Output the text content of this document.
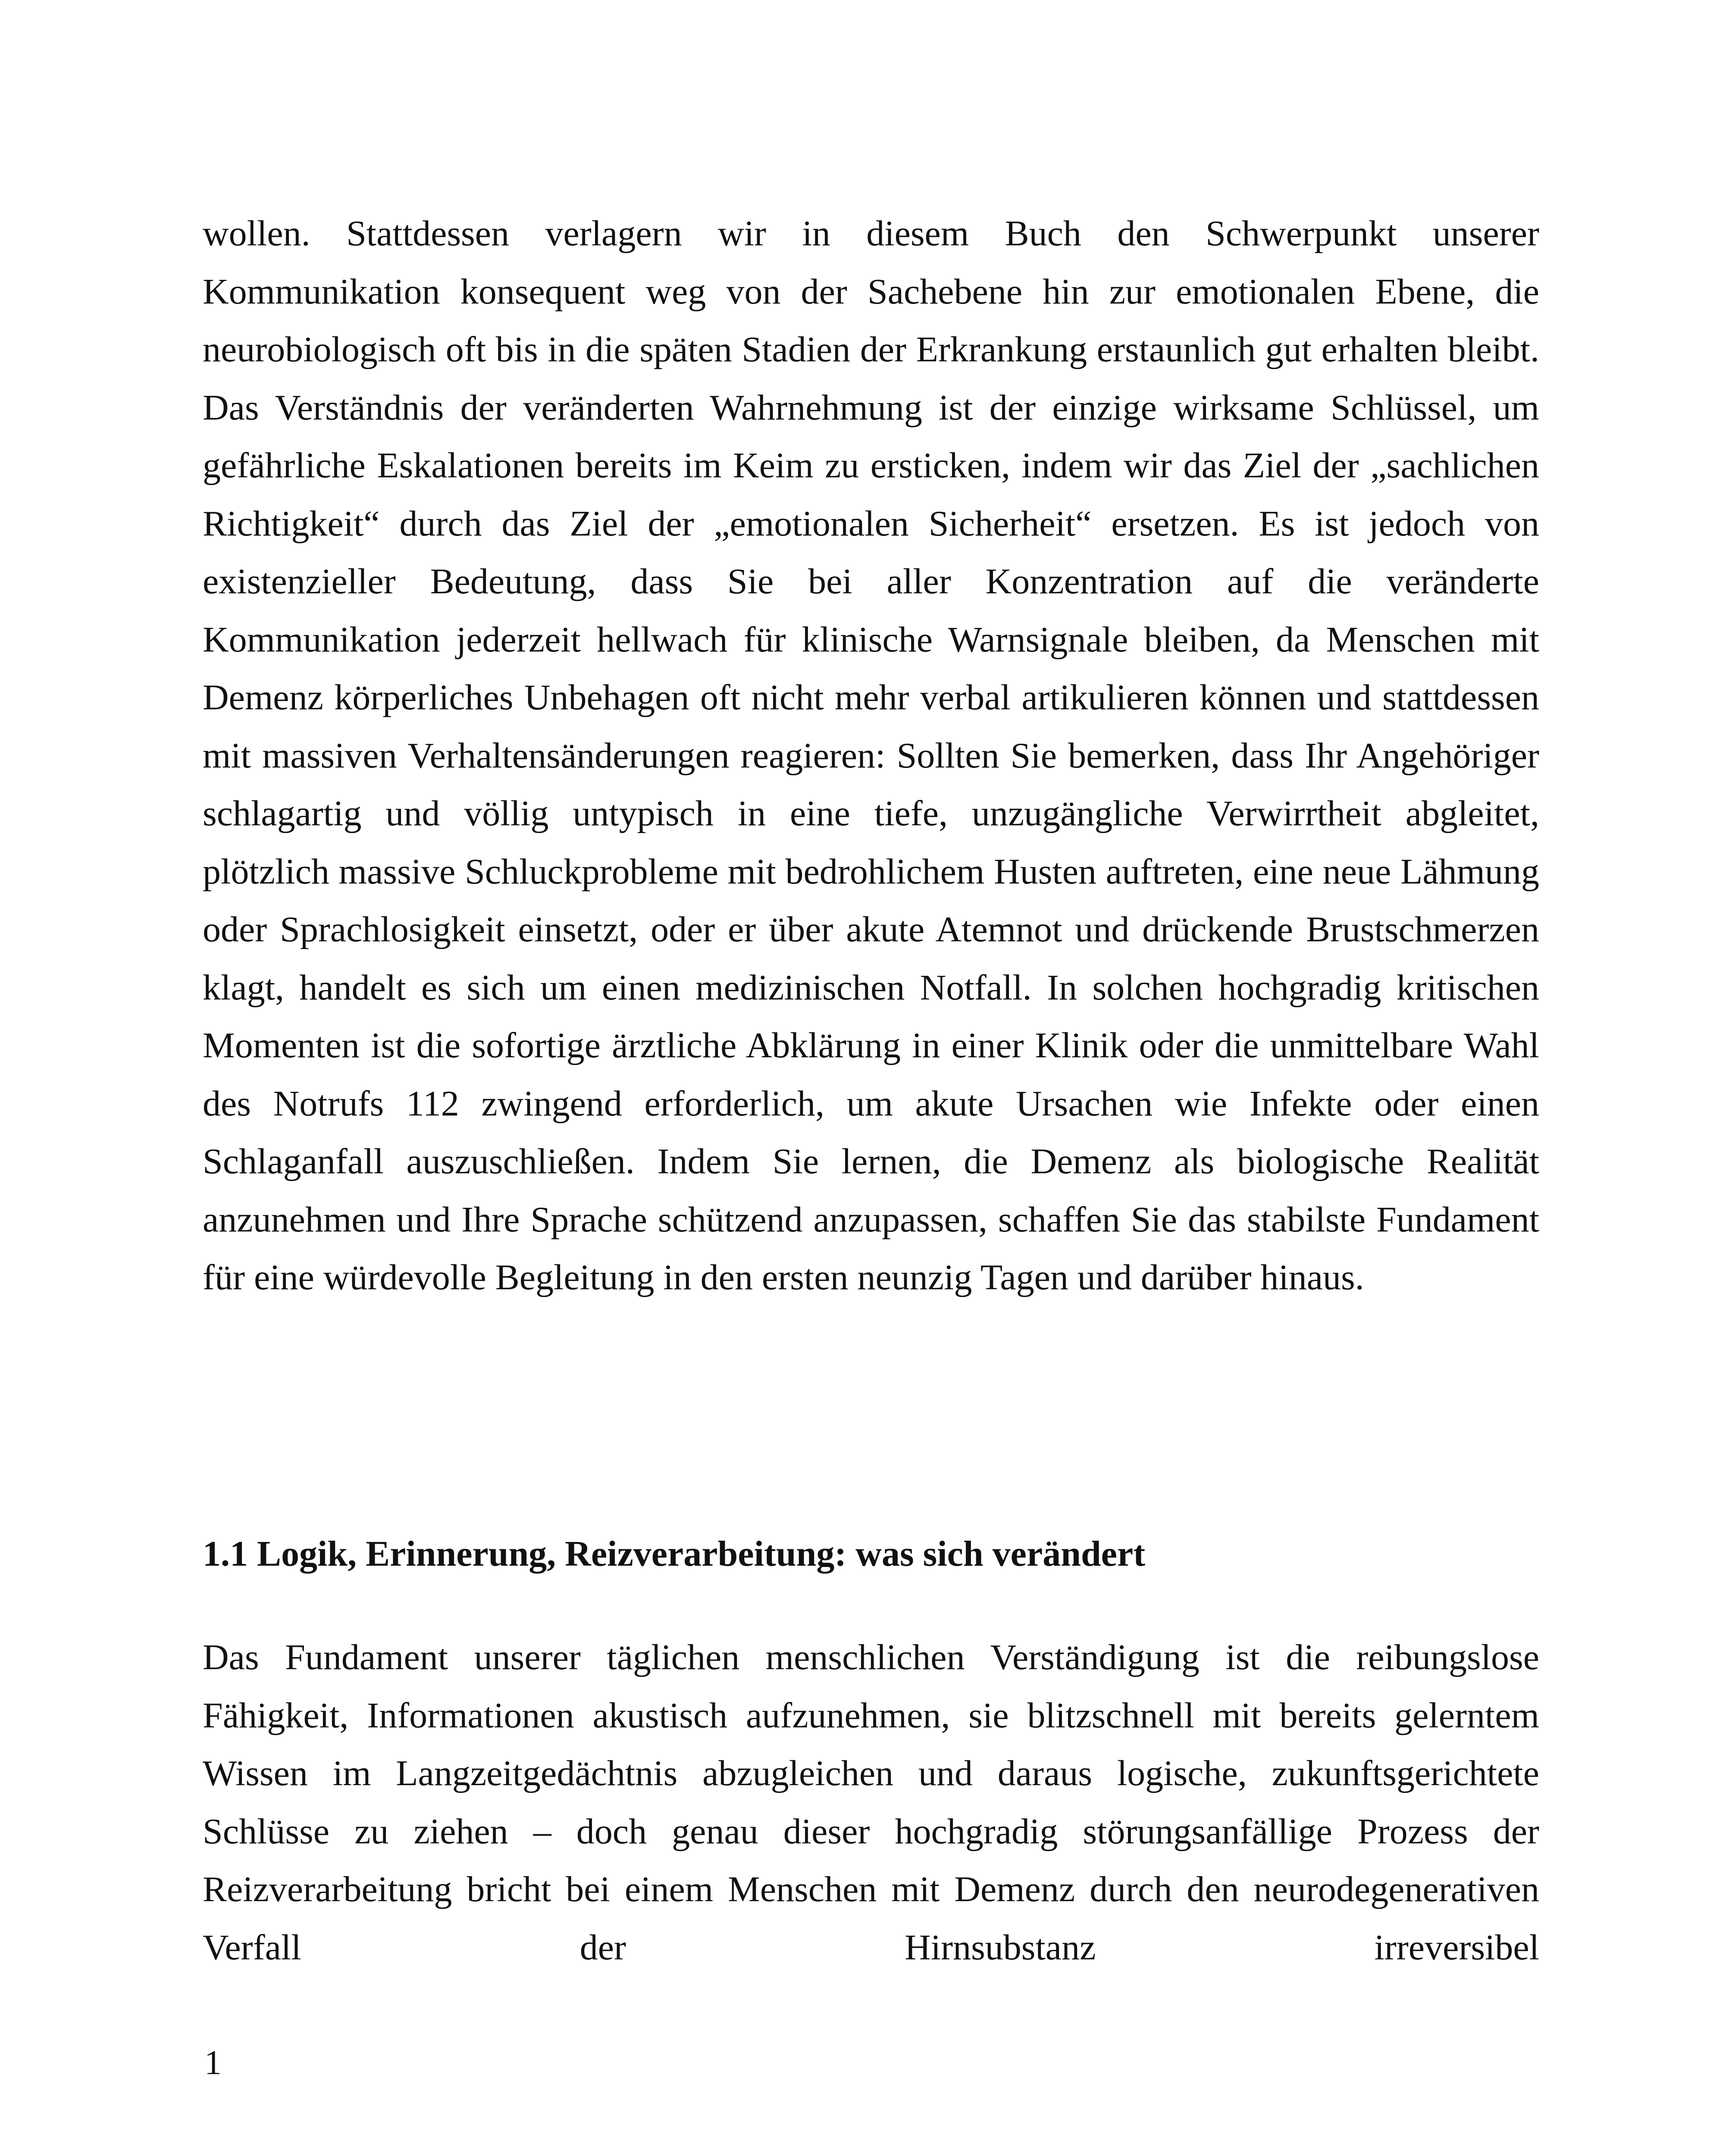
wollen. Stattdessen verlagern wir in diesem Buch den Schwerpunkt unserer Kommunikation konsequent weg von der Sachebene hin zur emotionalen Ebene, die neurobiologisch oft bis in die späten Stadien der Erkrankung erstaunlich gut erhalten bleibt. Das Verständnis der veränderten Wahrnehmung ist der einzige wirksame Schlüssel, um gefährliche Eskalationen bereits im Keim zu ersticken, indem wir das Ziel der „sachlichen Richtigkeit“ durch das Ziel der „emotionalen Sicherheit“ ersetzen. Es ist jedoch von existenzieller Bedeutung, dass Sie bei aller Konzentration auf die veränderte Kommunikation jederzeit hellwach für klinische Warnsignale bleiben, da Menschen mit Demenz körperliches Unbehagen oft nicht mehr verbal artikulieren können und stattdessen mit massiven Verhaltensänderungen reagieren: Sollten Sie bemerken, dass Ihr Angehöriger schlagartig und völlig untypisch in eine tiefe, unzugängliche Verwirrtheit abgleitet, plötzlich massive Schluckprobleme mit bedrohlichem Husten auftreten, eine neue Lähmung oder Sprachlosigkeit einsetzt, oder er über akute Atemnot und drückende Brustschmerzen klagt, handelt es sich um einen medizinischen Notfall. In solchen hochgradig kritischen Momenten ist die sofortige ärztliche Abklärung in einer Klinik oder die unmittelbare Wahl des Notrufs 112 zwingend erforderlich, um akute Ursachen wie Infekte oder einen Schlaganfall auszuschließen. Indem Sie lernen, die Demenz als biologische Realität anzunehmen und Ihre Sprache schützend anzupassen, schaffen Sie das stabilste Fundament für eine würdevolle Begleitung in den ersten neunzig Tagen und darüber hinaus.

1.1 Logik, Erinnerung, Reizverarbeitung: was sich verändert

Das Fundament unserer täglichen menschlichen Verständigung ist die reibungslose Fähigkeit, Informationen akustisch aufzunehmen, sie blitzschnell mit bereits gelerntem Wissen im Langzeitgedächtnis abzugleichen und daraus logische, zukunftsgerichtete Schlüsse zu ziehen – doch genau dieser hochgradig störungsanfällige Prozess der Reizverarbeitung bricht bei einem Menschen mit Demenz durch den neurodegenerativen Verfall der Hirnsubstanz irreversibel

1
